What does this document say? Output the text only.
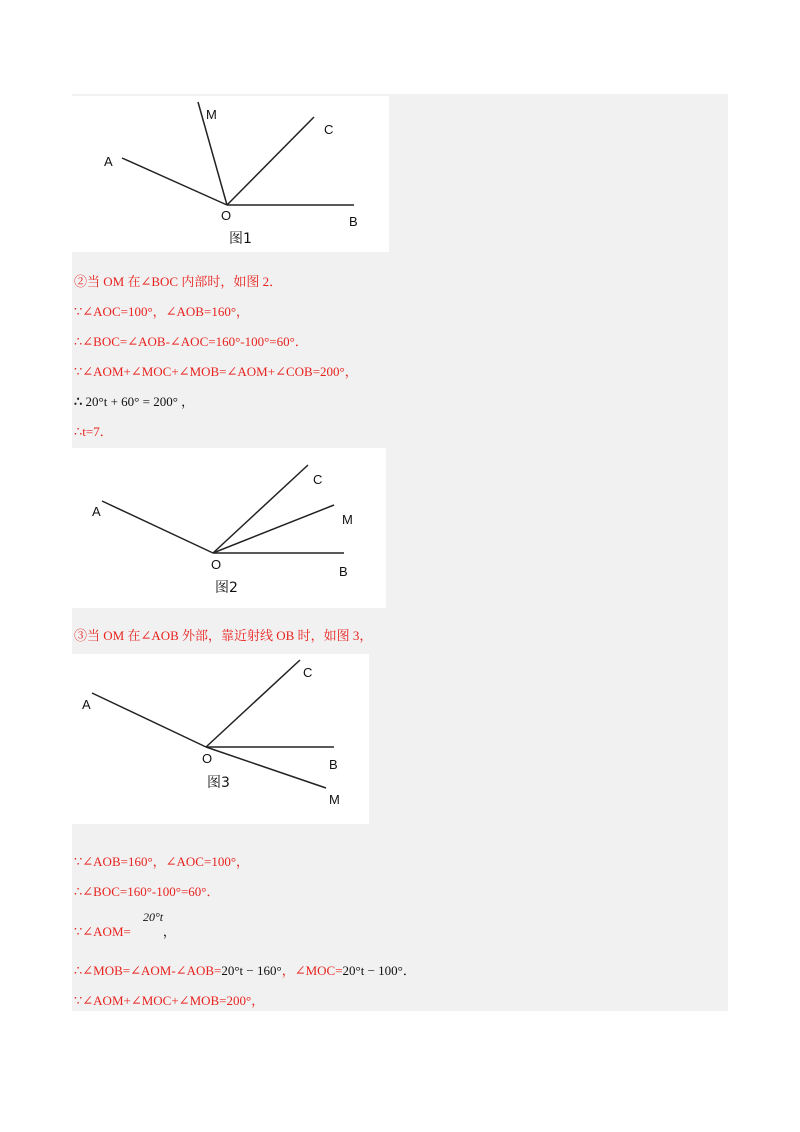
A
M
C
O	B
图1
②当 OM 在∠BOC 内部时，如图 2．
∵∠AOC=100°，∠AOB=160°，
∴∠BOC=∠AOB-∠AOC=160°-100°=60°．
∵∠AOM+∠MOC+∠MOB=∠AOM+∠COB=200°，
∴ 20°t + 60° = 200° ，
∴t=7．
A
C
M
O	B
图2
③当 OM 在∠AOB 外部，靠近射线 OB 时，如图 3，
A
C
O	B
图3
M
∵∠AOB=160°，∠AOC=100°，
∴∠BOC=160°-100°=60°．
20°t
∵∠AOM= ，
∴∠MOB=∠AOM-∠AOB=20°t − 160°，∠MOC=20°t − 100°．
∵∠AOM+∠MOC+∠MOB=200°，
